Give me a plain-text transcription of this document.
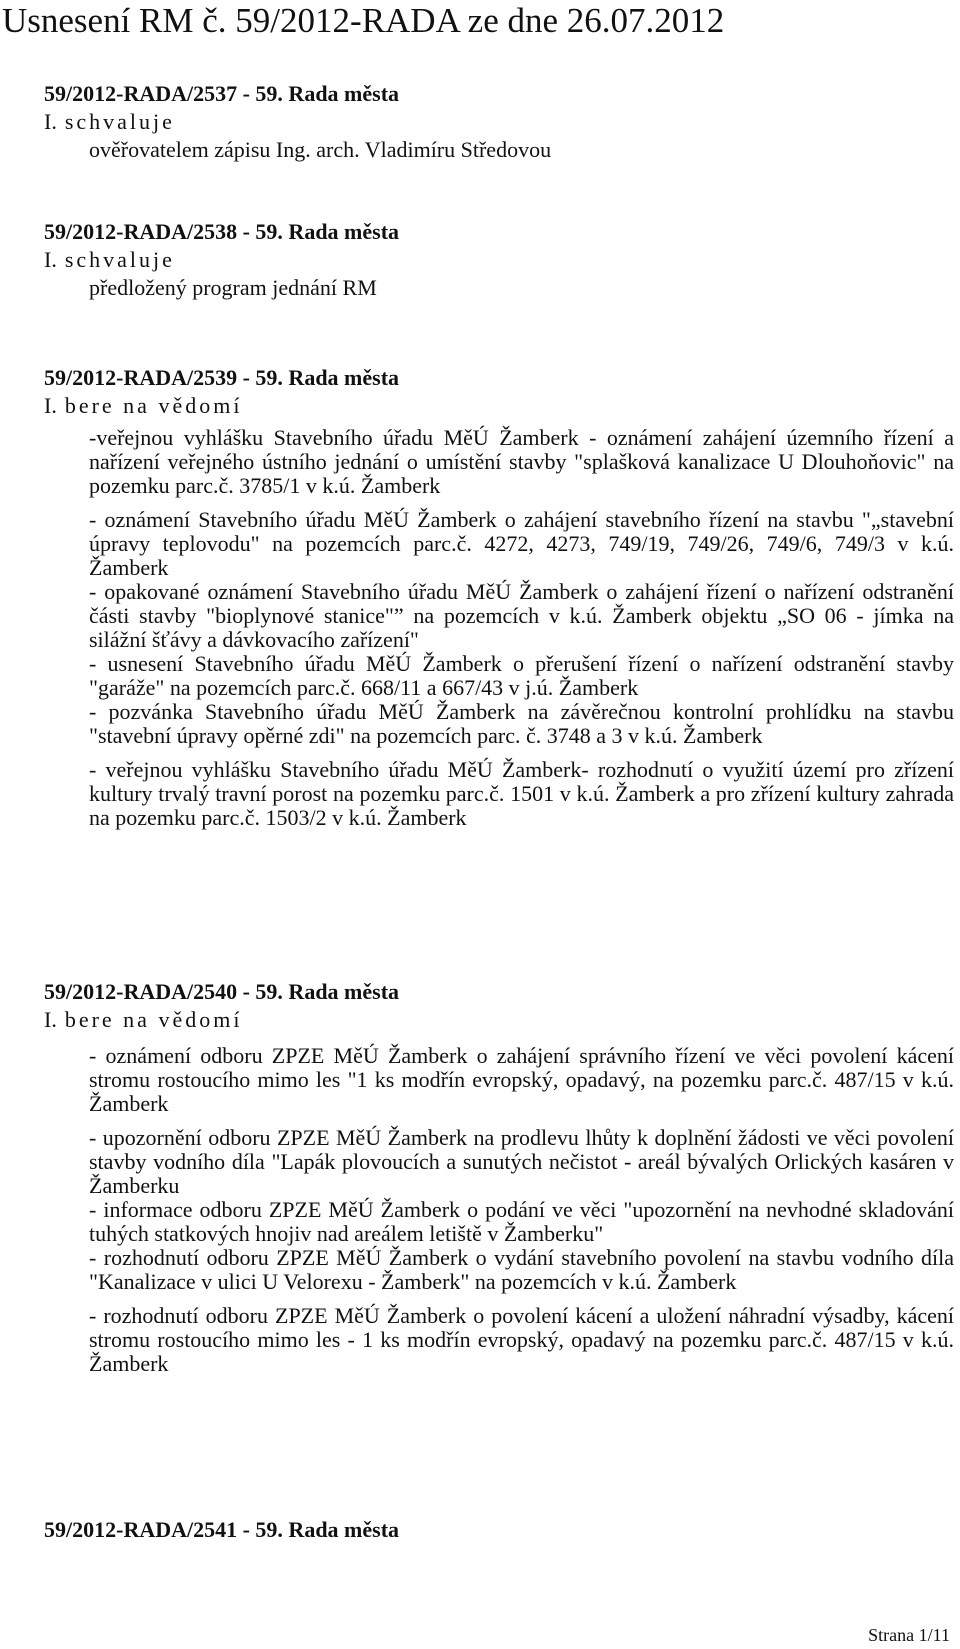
Usnesení RM č. 59/2012-RADA ze dne 26.07.2012
59/2012-RADA/2537 - 59. Rada města
I. schvaluje
ověřovatelem zápisu Ing. arch. Vladimíru Středovou
59/2012-RADA/2538 - 59. Rada města
I. schvaluje
předložený program jednání RM
59/2012-RADA/2539 - 59. Rada města
I. bere na vědomí

-veřejnou vyhlášku Stavebního úřadu MěÚ Žamberk - oznámení zahájení územního řízení a nařízení veřejného ústního jednání o umístění stavby "splašková kanalizace U Dlouhoňovic" na pozemku parc.č. 3785/1 v k.ú. Žamberk

- oznámení Stavebního úřadu MěÚ Žamberk o zahájení stavebního řízení na stavbu "„stavební úpravy teplovodu" na pozemcích parc.č. 4272, 4273, 749/19, 749/26, 749/6, 749/3 v k.ú. Žamberk

- opakované oznámení Stavebního úřadu MěÚ Žamberk o zahájení řízení o nařízení odstranění části stavby "bioplynové stanice"” na pozemcích v k.ú. Žamberk objektu „SO 06 - jímka na silážní šťávy a dávkovacího zařízení"

- usnesení Stavebního úřadu MěÚ Žamberk o přerušení řízení o nařízení odstranění stavby "garáže" na pozemcích parc.č. 668/11 a 667/43 v j.ú. Žamberk

- pozvánka Stavebního úřadu MěÚ Žamberk na závěrečnou kontrolní prohlídku na stavbu "stavební úpravy opěrné zdi" na pozemcích parc. č. 3748 a 3 v k.ú. Žamberk

- veřejnou vyhlášku Stavebního úřadu MěÚ Žamberk- rozhodnutí o využití území pro zřízení kultury trvalý travní porost na pozemku parc.č. 1501 v k.ú. Žamberk a pro zřízení kultury zahrada na pozemku parc.č. 1503/2 v k.ú. Žamberk

59/2012-RADA/2540 - 59. Rada města
I. bere na vědomí

- oznámení odboru ZPZE MěÚ Žamberk o zahájení správního řízení ve věci povolení kácení stromu rostoucího mimo les "1 ks modřín evropský, opadavý, na pozemku parc.č. 487/15 v k.ú. Žamberk

- upozornění odboru ZPZE MěÚ Žamberk na prodlevu lhůty k doplnění žádosti ve věci povolení stavby vodního díla "Lapák plovoucích a sunutých nečistot - areál bývalých Orlických kasáren v Žamberku

- informace odboru ZPZE MěÚ Žamberk o podání ve věci "upozornění na nevhodné skladování tuhých statkových hnojiv nad areálem letiště v Žamberku"

- rozhodnutí odboru ZPZE MěÚ Žamberk o vydání stavebního povolení na stavbu vodního díla "Kanalizace v ulici U Velorexu - Žamberk" na pozemcích v k.ú. Žamberk

- rozhodnutí odboru ZPZE MěÚ Žamberk o povolení kácení a uložení náhradní výsadby, kácení stromu rostoucího mimo les - 1 ks modřín evropský, opadavý na pozemku parc.č. 487/15 v k.ú. Žamberk

59/2012-RADA/2541 - 59. Rada města
Strana 1/11
